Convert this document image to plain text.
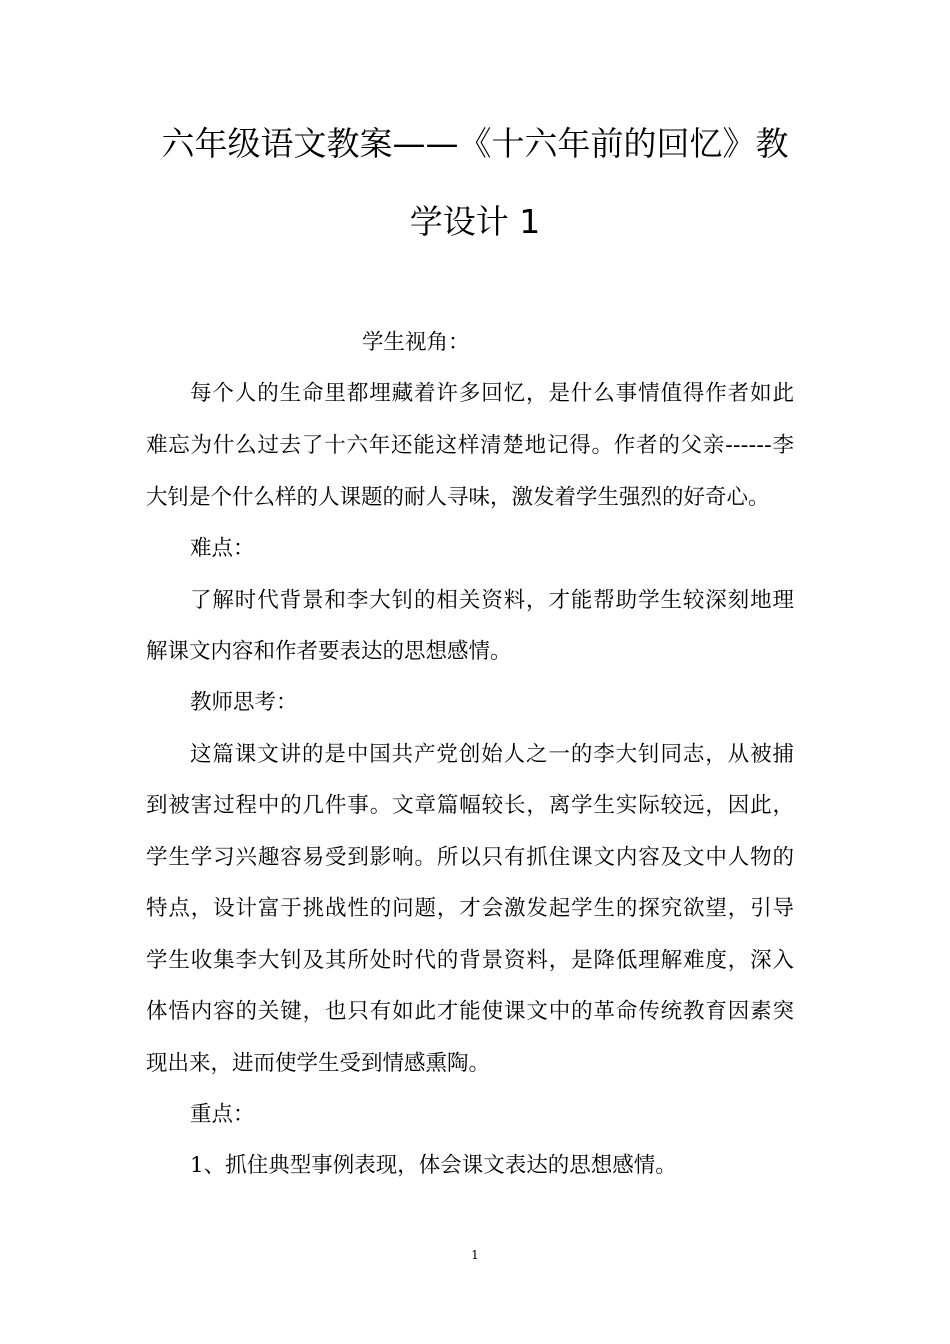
六年级语文教案——《十六年前的回忆》教
学设计 1
学生视角：
每个人的生命里都埋藏着许多回忆，是什么事情值得作者如此
难忘为什么过去了十六年还能这样清楚地记得。作者的父亲------李
大钊是个什么样的人课题的耐人寻味，激发着学生强烈的好奇心。
难点：
了解时代背景和李大钊的相关资料，才能帮助学生较深刻地理
解课文内容和作者要表达的思想感情。
教师思考：
这篇课文讲的是中国共产党创始人之一的李大钊同志，从被捕
到被害过程中的几件事。文章篇幅较长，离学生实际较远，因此，
学生学习兴趣容易受到影响。所以只有抓住课文内容及文中人物的
特点，设计富于挑战性的问题，才会激发起学生的探究欲望，引导
学生收集李大钊及其所处时代的背景资料，是降低理解难度，深入
体悟内容的关键，也只有如此才能使课文中的革命传统教育因素突
现出来，进而使学生受到情感熏陶。
重点：
1、抓住典型事例表现，体会课文表达的思想感情。
1
